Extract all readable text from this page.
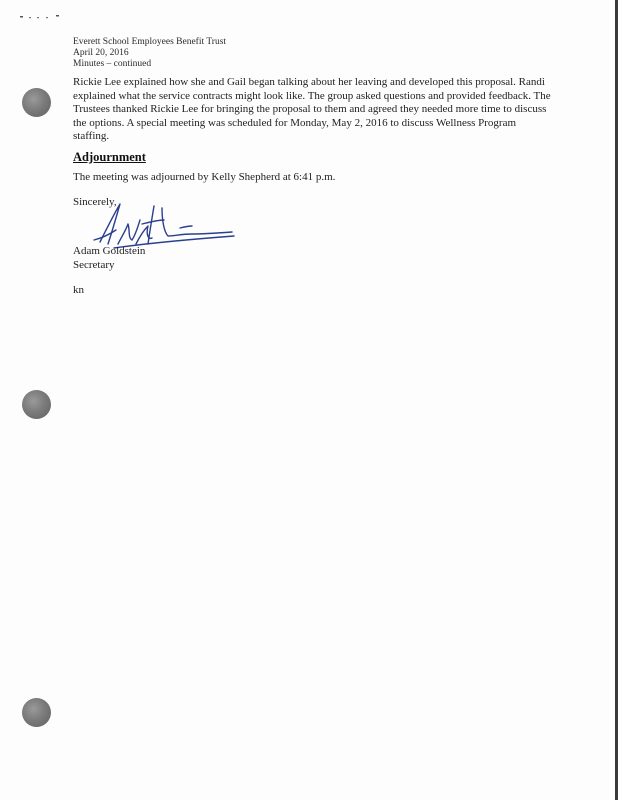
Everett School Employees Benefit Trust
April 20, 2016
Minutes – continued
Rickie Lee explained how she and Gail began talking about her leaving and developed this proposal. Randi explained what the service contracts might look like. The group asked questions and provided feedback. The Trustees thanked Rickie Lee for bringing the proposal to them and agreed they needed more time to discuss the options. A special meeting was scheduled for Monday, May 2, 2016 to discuss Wellness Program staffing.
Adjournment
The meeting was adjourned by Kelly Shepherd at 6:41 p.m.
Sincerely,
Adam Goldstein
Secretary
kn
